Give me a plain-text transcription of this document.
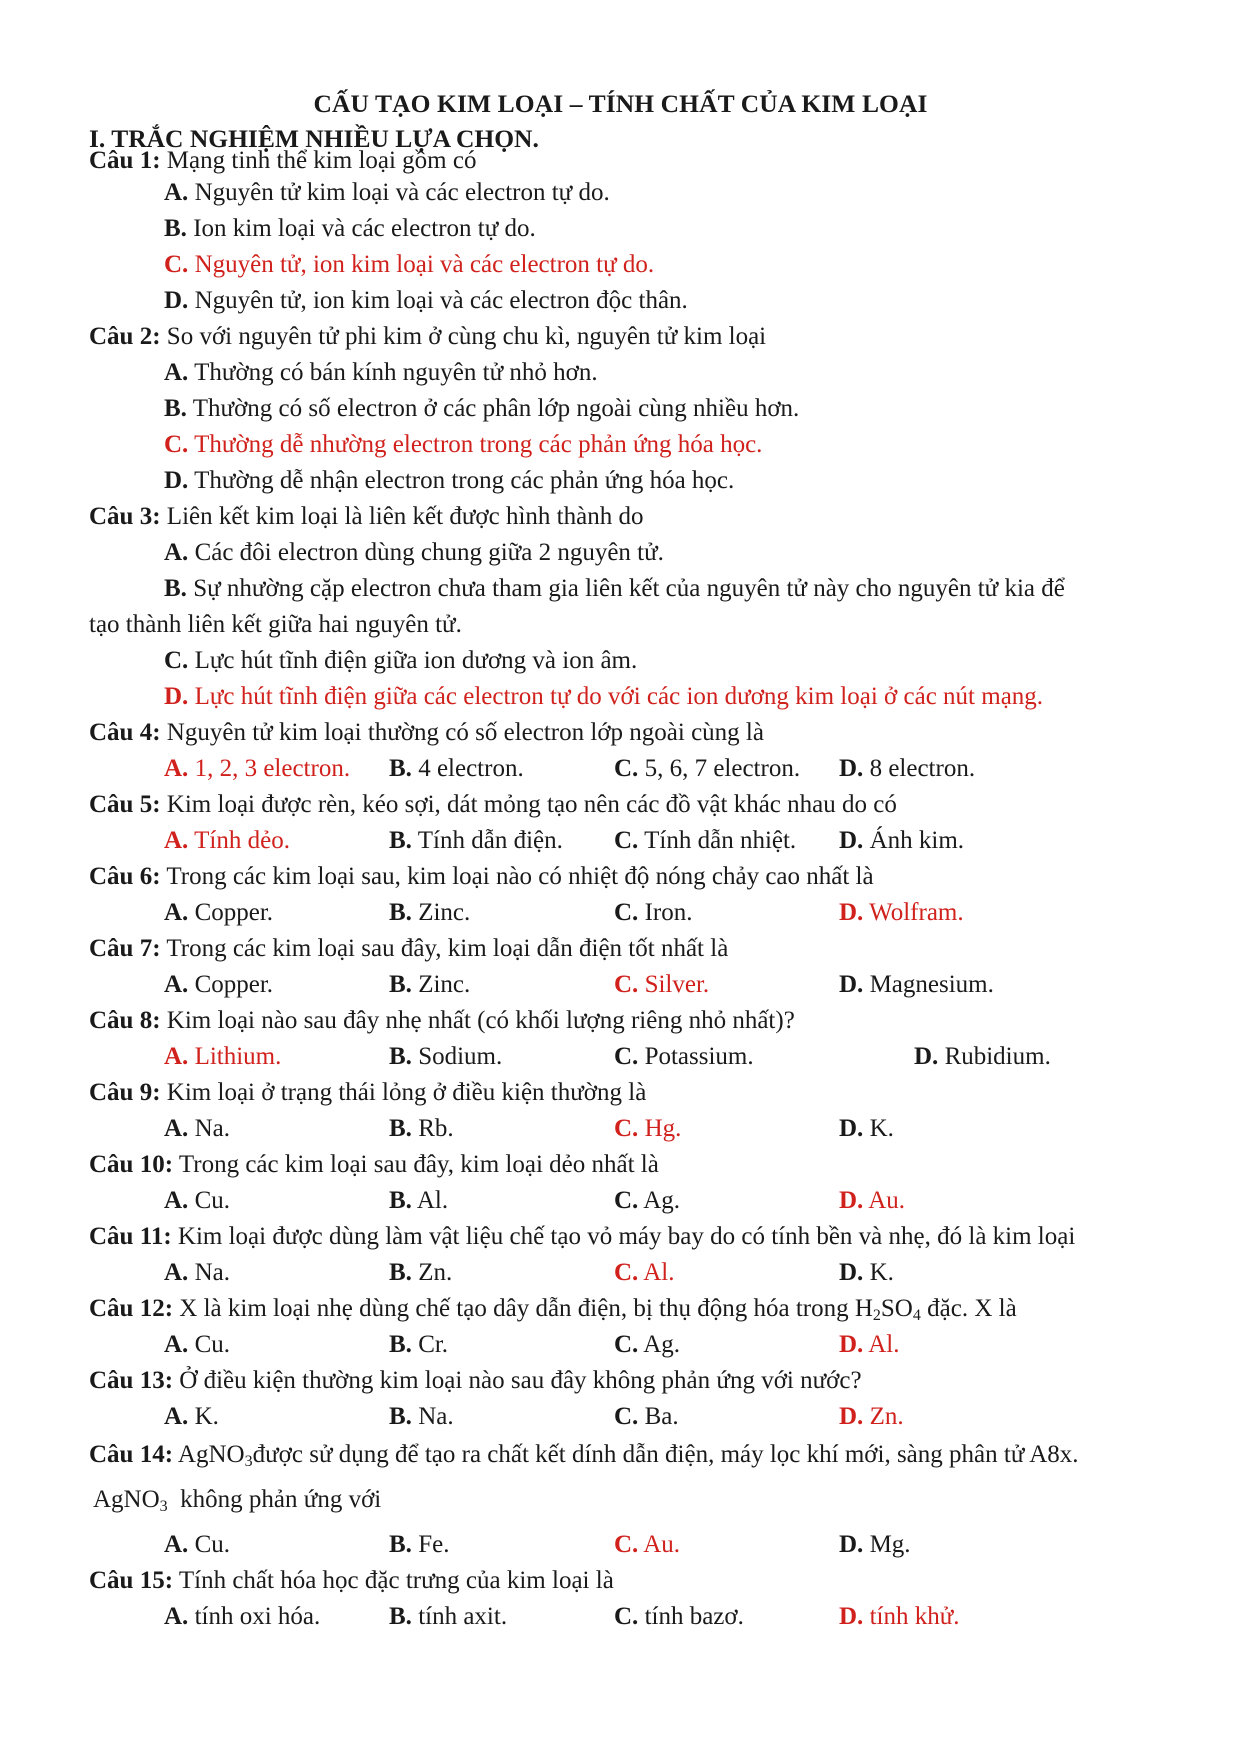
CẤU TẠO KIM LOẠI – TÍNH CHẤT CỦA KIM LOẠI
I. TRẮC NGHIỆM NHIỀU LỰA CHỌN.
Câu 1: Mạng tinh thể kim loại gồm có
A. Nguyên tử kim loại và các electron tự do.
B. Ion kim loại và các electron tự do.
C. Nguyên tử, ion kim loại và các electron tự do.
D. Nguyên tử, ion kim loại và các electron độc thân.
Câu 2: So với nguyên tử phi kim ở cùng chu kì, nguyên tử kim loại
A. Thường có bán kính nguyên tử nhỏ hơn.
B. Thường có số electron ở các phân lớp ngoài cùng nhiều hơn.
C. Thường dễ nhường electron trong các phản ứng hóa học.
D. Thường dễ nhận electron trong các phản ứng hóa học.
Câu 3: Liên kết kim loại là liên kết được hình thành do
A. Các đôi electron dùng chung giữa 2 nguyên tử.
B. Sự nhường cặp electron chưa tham gia liên kết của nguyên tử này cho nguyên tử kia để
tạo thành liên kết giữa hai nguyên tử.
C. Lực hút tĩnh điện giữa ion dương và ion âm.
D. Lực hút tĩnh điện giữa các electron tự do với các ion dương kim loại ở các nút mạng.
Câu 4: Nguyên tử kim loại thường có số electron lớp ngoài cùng là
A. 1, 2, 3 electron. B. 4 electron.	C. 5, 6, 7 electron. D. 8 electron.
Câu 5: Kim loại được rèn, kéo sợi, dát mỏng tạo nên các đồ vật khác nhau do có
A. Tính dẻo.	B. Tính dẫn điện. C. Tính dẫn nhiệt. D. Ánh kim.
Câu 6: Trong các kim loại sau, kim loại nào có nhiệt độ nóng chảy cao nhất là
A. Copper.	B. Zinc.	C. Iron.	D. Wolfram.
Câu 7: Trong các kim loại sau đây, kim loại dẫn điện tốt nhất là
A. Copper.	B. Zinc.	C. Silver.	D. Magnesium.
Câu 8: Kim loại nào sau đây nhẹ nhất (có khối lượng riêng nhỏ nhất)?
A. Lithium.	B. Sodium.	C. Potassium.	D. Rubidium.
Câu 9: Kim loại ở trạng thái lỏng ở điều kiện thường là
A. Na.	B. Rb.	C. Hg.	D. K.
Câu 10: Trong các kim loại sau đây, kim loại dẻo nhất là
A. Cu.	B. Al.	C. Ag.	D. Au.
Câu 11: Kim loại được dùng làm vật liệu chế tạo vỏ máy bay do có tính bền và nhẹ, đó là kim loại
A. Na.	B. Zn.	C. Al.	D. K.
Câu 12: X là kim loại nhẹ dùng chế tạo dây dẫn điện, bị thụ động hóa trong $H_2SO_4$ đặc. X là
A. Cu.	B. Cr.	C. Ag.	D. Al.
Câu 13: Ở điều kiện thường kim loại nào sau đây không phản ứng với nước?
A. K.	B. Na.	C. Ba.	D. Zn.
Câu 14: AgNO$_3$được sử dụng để tạo ra chất kết dính dẫn điện, máy lọc khí mới, sàng phân tử A8x.
AgNO$_3$  không phản ứng với
A. Cu.	B. Fe.	C. Au.	D. Mg.
Câu 15: Tính chất hóa học đặc trưng của kim loại là
A. tính oxi hóa.	B. tính axit.	C. tính bazơ.	D. tính khử.
